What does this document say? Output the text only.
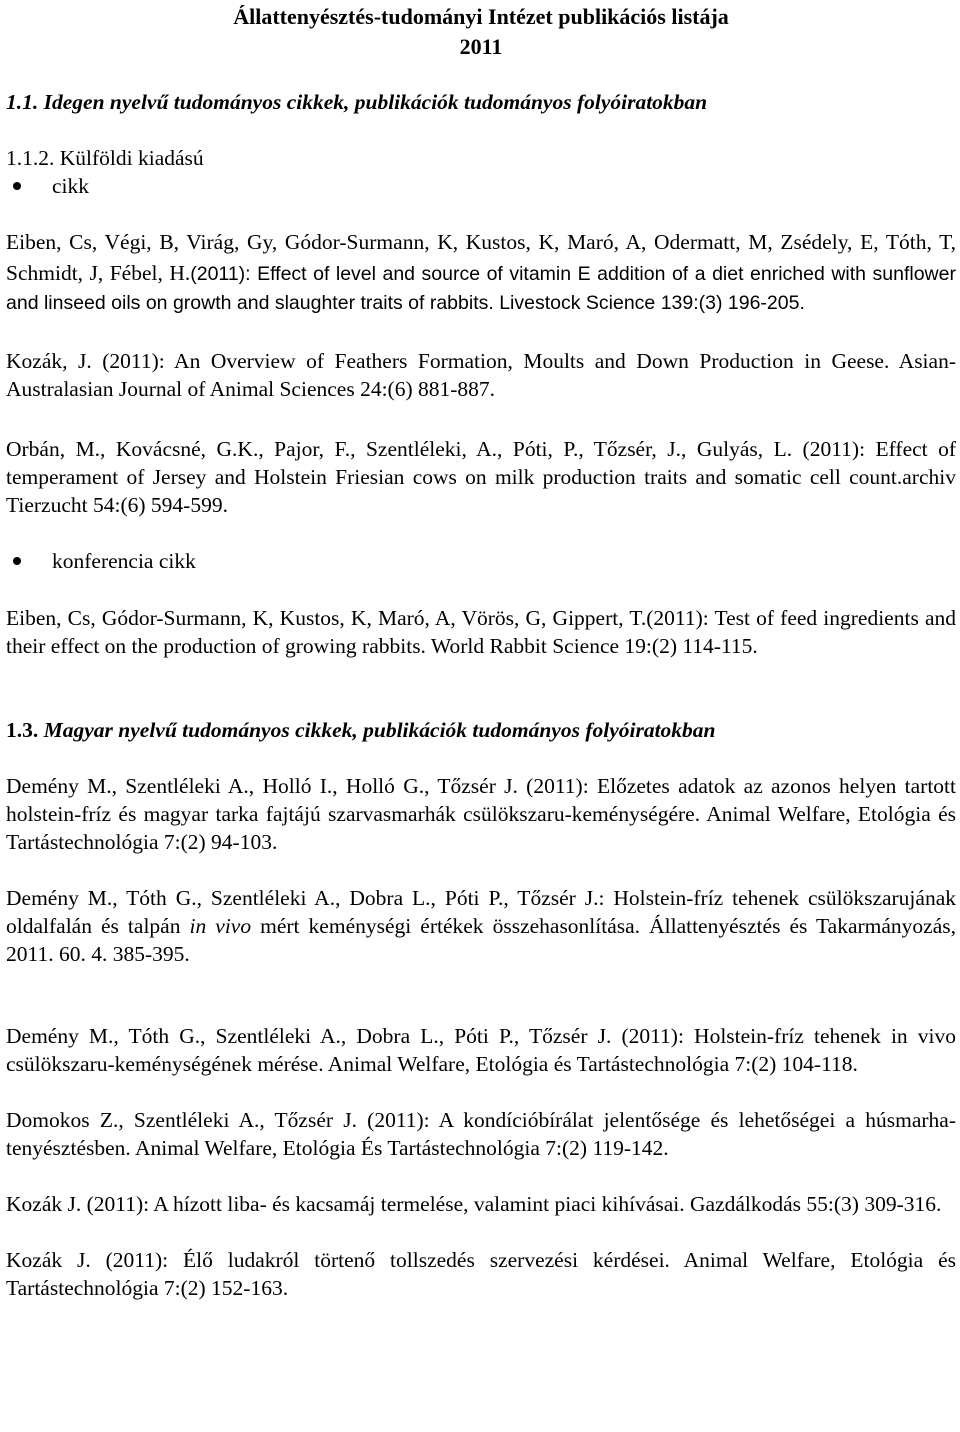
Állattenyésztés-tudományi Intézet publikációs listája
2011
1.1. Idegen nyelvű tudományos cikkek, publikációk tudományos folyóiratokban
1.1.2. Külföldi kiadású
cikk

Eiben, Cs, Végi, B, Virág, Gy, Gódor-Surmann, K, Kustos, K, Maró, A, Odermatt, M, Zsédely, E, Tóth, T, Schmidt, J, Fébel, H.(2011): Effect of level and source of vitamin E addition of a diet enriched with sunflower and linseed oils on growth and slaughter traits of rabbits. Livestock Science 139:(3) 196-205.

Kozák, J. (2011): An Overview of Feathers Formation, Moults and Down Production in Geese. Asian-Australasian Journal of Animal Sciences 24:(6) 881-887.

Orbán, M., Kovácsné, G.K., Pajor, F., Szentléleki, A., Póti, P., Tőzsér, J., Gulyás, L. (2011): Effect of temperament of Jersey and Holstein Friesian cows on milk production traits and somatic cell count.archiv Tierzucht 54:(6) 594-599.

konferencia cikk

Eiben, Cs, Gódor-Surmann, K, Kustos, K, Maró, A, Vörös, G, Gippert, T.(2011): Test of feed ingredients and their effect on the production of growing rabbits. World Rabbit Science 19:(2) 114-115.

1.3. Magyar nyelvű tudományos cikkek, publikációk tudományos folyóiratokban

Demény M., Szentléleki A., Holló I., Holló G., Tőzsér J. (2011): Előzetes adatok az azonos helyen tartott holstein-fríz és magyar tarka fajtájú szarvasmarhák csülökszaru-keménységére. Animal Welfare, Etológia és Tartástechnológia 7:(2) 94-103.

Demény M., Tóth G., Szentléleki A., Dobra L., Póti P., Tőzsér J.: Holstein-fríz tehenek csülökszarujának oldalfalán és talpán in vivo mért keménységi értékek összehasonlítása. Állattenyésztés és Takarmányozás, 2011. 60. 4. 385-395.

Demény M., Tóth G., Szentléleki A., Dobra L., Póti P., Tőzsér J. (2011): Holstein-fríz tehenek in vivo csülökszaru-keménységének mérése. Animal Welfare, Etológia és Tartástechnológia 7:(2) 104-118.

Domokos Z., Szentléleki A., Tőzsér J. (2011): A kondícióbírálat jelentősége és lehetőségei a húsmarha-tenyésztésben. Animal Welfare, Etológia És Tartástechnológia 7:(2) 119-142.

Kozák J. (2011): A hízott liba- és kacsamáj termelése, valamint piaci kihívásai. Gazdálkodás 55:(3) 309-316.

Kozák J. (2011): Élő ludakról törtenő tollszedés szervezési kérdései. Animal Welfare, Etológia és Tartástechnológia 7:(2) 152-163.
